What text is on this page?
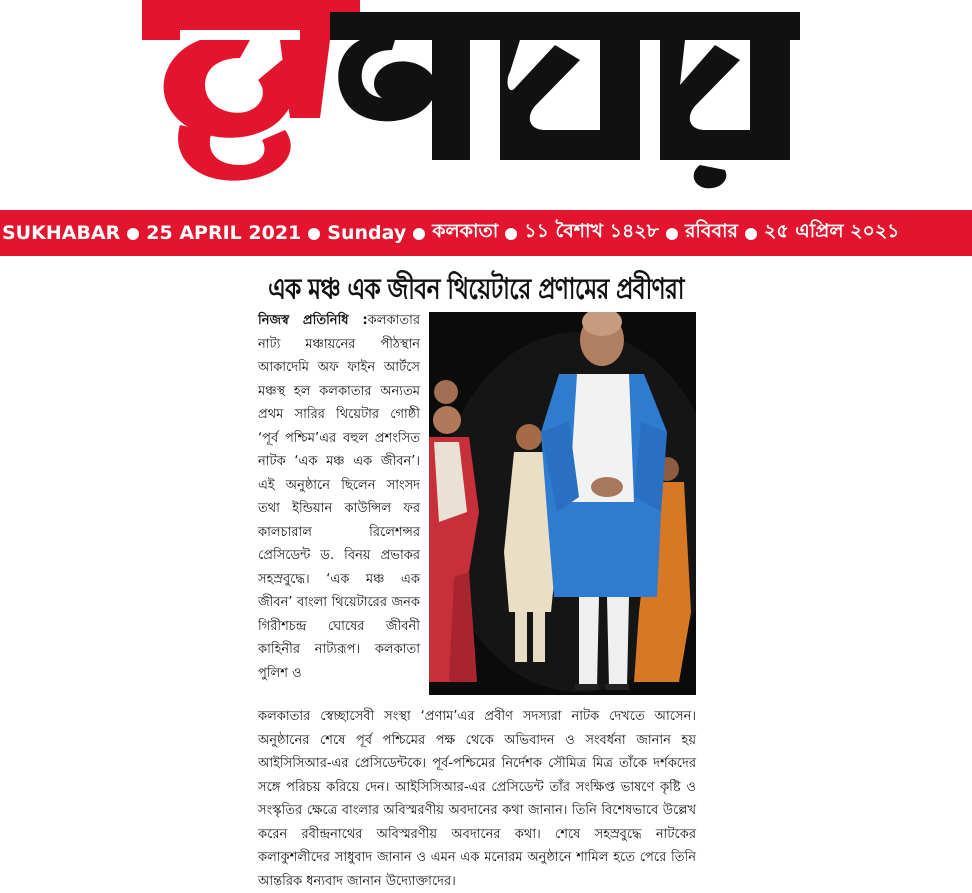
SUKHABAR 25 APRIL 2021 Sunday কলকাতা ১১ বৈশাখ ১৪২৮ রবিবার ২৫ এপ্রিল ২০২১
এক মঞ্চ এক জীবন থিয়েটারে প্রণামের প্রবীণরা
নিজস্ব প্রতিনিধি :কলকাতার নাট্য মঞ্চায়নের পীঠস্থান আকাদেমি অফ ফাইন আর্টসে মঞ্চস্থ হল কলকাতার অন্যতম প্রথম সারির থিয়েটার গোষ্ঠী ‘পূর্ব পশ্চিম’এর বহুল প্রশংসিত নাটক ‘এক মঞ্চ এক জীবন’। এই অনুষ্ঠানে ছিলেন সাংসদ তথা ইন্ডিয়ান কাউন্সিল ফর কালচারাল রিলেশন্সর প্রেসিডেন্ট ড. বিনয় প্রভাকর সহস্রবুদ্ধে। ‘এক মঞ্চ এক জীবন’ বাংলা থিয়েটারের জনক গিরীশচন্দ্র ঘোষের জীবনী কাহিনীর নাট্যরূপ। কলকাতা পুলিশ ও
কলকাতার স্বেচ্ছাসেবী সংস্থা ‘প্রণাম’এর প্রবীণ সদস্যরা নাটক দেখতে আসেন। অনুষ্ঠানের শেষে পূর্ব পশ্চিমের পক্ষ থেকে অভিবাদন ও সংবর্ধনা জানান হয় আইসিসিআর-এর প্রেসিডেন্টকে। পূর্ব-পশ্চিমের নির্দেশক সৌমিত্র মিত্র তাঁকে দর্শকদের সঙ্গে পরিচয় করিয়ে দেন। আইসিসিআর-এর প্রেসিডেন্ট তাঁর সংক্ষিপ্ত ভাষণে কৃষ্টি ও সংস্কৃতির ক্ষেত্রে বাংলার অবিস্মরণীয় অবদানের কথা জানান। তিনি বিশেষভাবে উল্লেখ করেন রবীন্দ্রনাথের অবিস্মরণীয় অবদানের কথা। শেষে সহস্রবুদ্ধে নাটকের কলাকুশলীদের সাধুবাদ জানান ও এমন এক মনোরম অনুষ্ঠানে শামিল হতে পেরে তিনি আন্তরিক ধন্যবাদ জানান উদ্যোক্তাদের।
